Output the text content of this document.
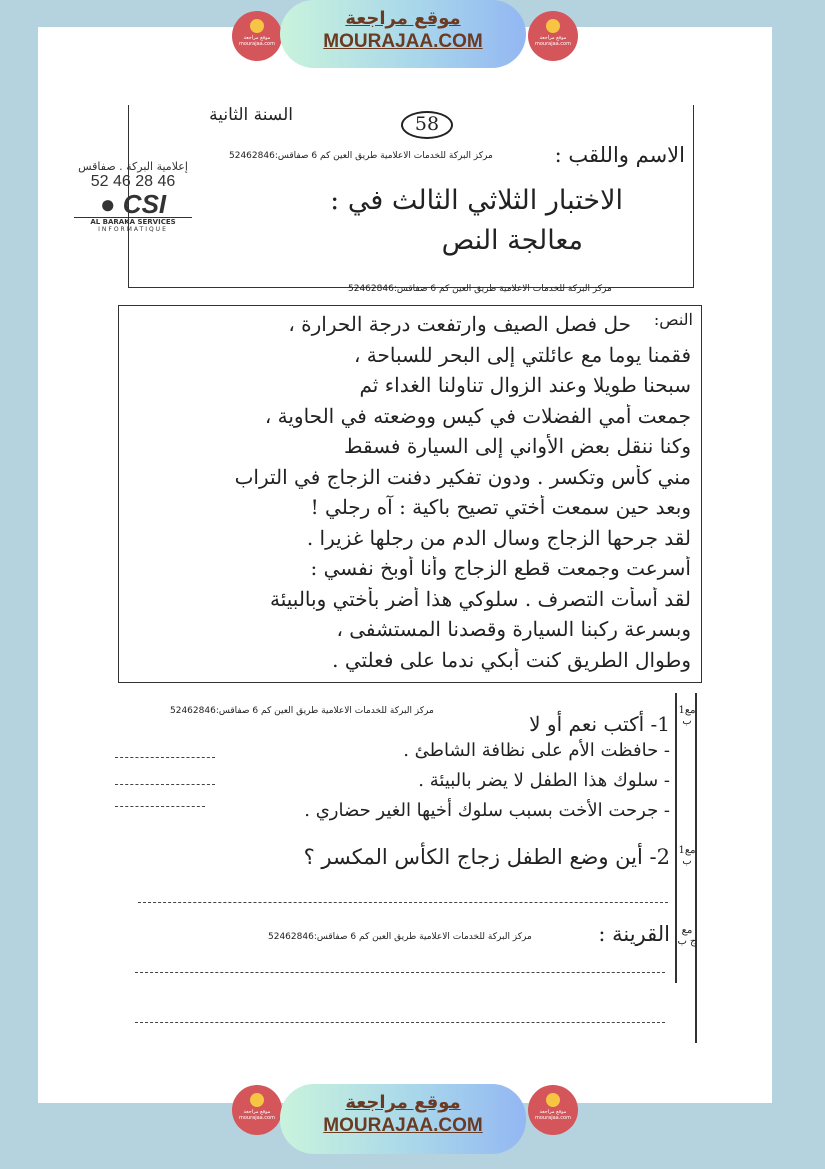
موقع مراجعة mourajaa.com
موقع مراجعة
MOURAJAA.COM	موقع مراجعة mourajaa.com
السنة الثانية	58
الاسم واللقب :
مركز البركة للخدمات الاعلامية طريق العين كم 6 صفاقس:52462846
الاختبار الثلاثي الثالث في :
معالجة النص
إعلامية البركة . صفاقس
52 46 28 46
● CSI
AL BARAKA SERVICES
INFORMATIQUE
مركز البركة للخدمات الاعلامية طريق العين كم 6 صفاقس:52462846
النص:
حل فصل الصيف وارتفعت درجة الحرارة ،
فقمنا يوما مع عائلتي إلى البحر للسباحة ،
سبحنا طويلا وعند الزوال تناولنا الغداء ثم
جمعت أمي الفضلات في كيس ووضعته في الحاوية ،
وكنا ننقل بعض الأواني إلى السيارة فسقط
مني كأس وتكسر . ودون تفكير دفنت الزجاج في التراب
وبعد حين سمعت أختي تصيح باكية : آه رجلي !
لقد جرحها الزجاج وسال الدم من رجلها غزيرا .
أسرعت وجمعت قطع الزجاج وأنا أوبخ نفسي :
لقد أسأت التصرف . سلوكي هذا أضر بأختي وبالبيئة
وبسرعة ركبنا السيارة وقصدنا المستشفى ،
وطوال الطريق كنت أبكي ندما على فعلتي .
مركز البركة للخدمات الاعلامية طريق العين كم 6 صفاقس:52462846	مع1 ب
1- أكتب نعم أو لا
- حافظت الأم على نظافة الشاطئ .
- سلوك هذا الطفل لا يضر بالبيئة .
- جرحت الأخت بسبب سلوك أخيها الغير حضاري .
مع1 ب
2- أين وضع الطفل زجاج الكأس المكسر ؟
مع ج ب
القرينة :
مركز البركة للخدمات الاعلامية طريق العين كم 6 صفاقس:52462846
موقع مراجعة mourajaa.com
موقع مراجعة
MOURAJAA.COM
موقع مراجعة mourajaa.com
